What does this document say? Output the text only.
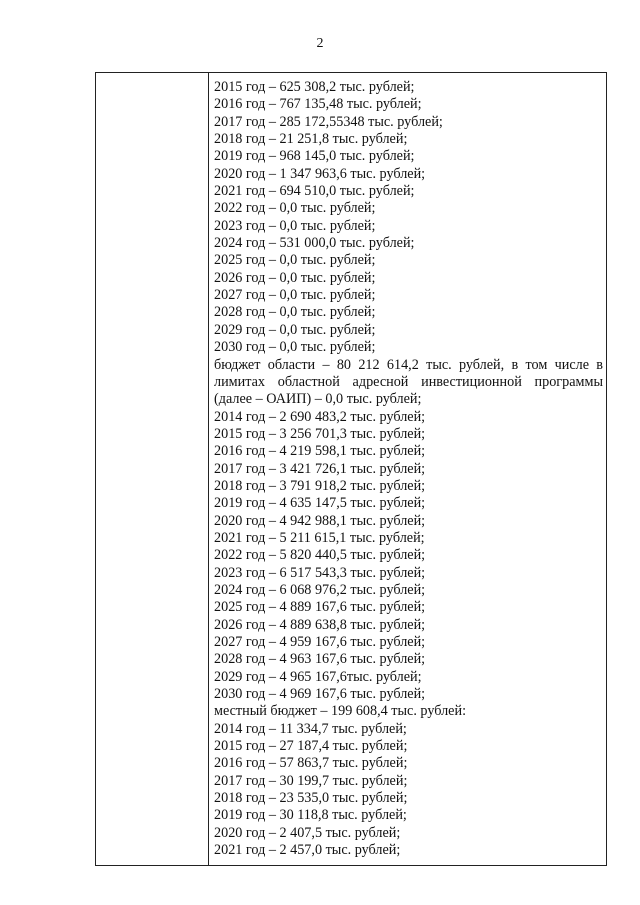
2
2015 год – 625 308,2 тыс. рублей;
2016 год – 767 135,48 тыс. рублей;
2017 год – 285 172,55348 тыс. рублей;
2018 год – 21 251,8 тыс. рублей;
2019 год – 968 145,0 тыс. рублей;
2020 год – 1 347 963,6 тыс. рублей;
2021 год – 694 510,0 тыс. рублей;
2022 год – 0,0 тыс. рублей;
2023 год – 0,0 тыс. рублей;
2024 год – 531 000,0 тыс. рублей;
2025 год – 0,0 тыс. рублей;
2026 год – 0,0 тыс. рублей;
2027 год – 0,0 тыс. рублей;
2028 год – 0,0 тыс. рублей;
2029 год – 0,0 тыс. рублей;
2030 год – 0,0 тыс. рублей;
бюджет области – 80 212 614,2 тыс. рублей, в том числе в
лимитах областной адресной инвестиционной программы
(далее – ОАИП) – 0,0 тыс. рублей;
2014 год – 2 690 483,2 тыс. рублей;
2015 год – 3 256 701,3 тыс. рублей;
2016 год – 4 219 598,1 тыс. рублей;
2017 год – 3 421 726,1 тыс. рублей;
2018 год – 3 791 918,2 тыс. рублей;
2019 год – 4 635 147,5 тыс. рублей;
2020 год – 4 942 988,1 тыс. рублей;
2021 год – 5 211 615,1 тыс. рублей;
2022 год – 5 820 440,5 тыс. рублей;
2023 год – 6 517 543,3 тыс. рублей;
2024 год – 6 068 976,2 тыс. рублей;
2025 год – 4 889 167,6 тыс. рублей;
2026 год – 4 889 638,8 тыс. рублей;
2027 год – 4 959 167,6 тыс. рублей;
2028 год – 4 963 167,6 тыс. рублей;
2029 год – 4 965 167,6тыс. рублей;
2030 год – 4 969 167,6 тыс. рублей;
местный бюджет – 199 608,4 тыс. рублей:
2014 год – 11 334,7 тыс. рублей;
2015 год – 27 187,4 тыс. рублей;
2016 год – 57 863,7 тыс. рублей;
2017 год – 30 199,7 тыс. рублей;
2018 год – 23 535,0 тыс. рублей;
2019 год – 30 118,8 тыс. рублей;
2020 год – 2 407,5 тыс. рублей;
2021 год – 2 457,0 тыс. рублей;
